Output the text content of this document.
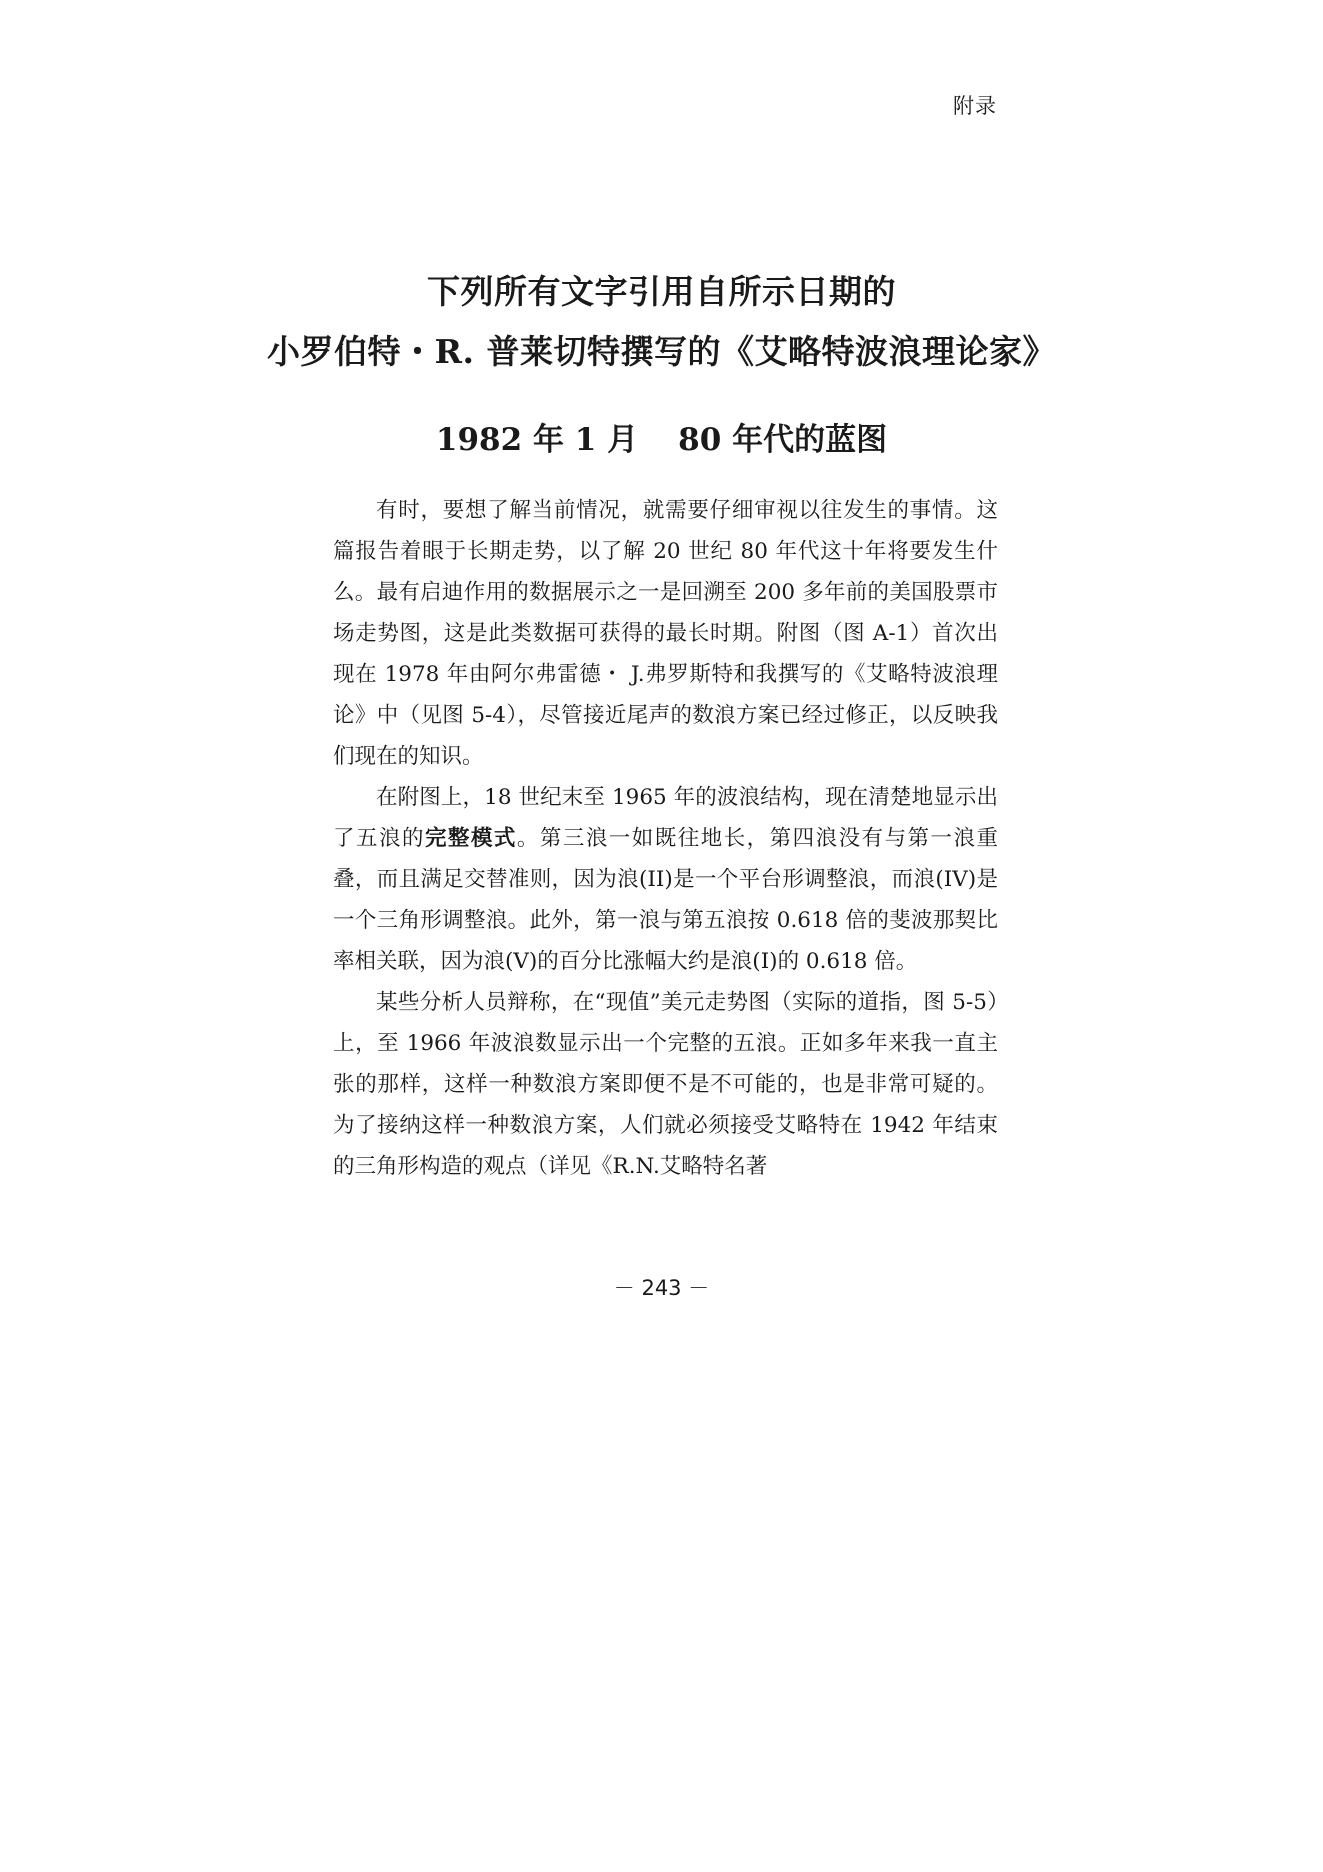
附录
下列所有文字引用自所示日期的
小罗伯特・R. 普莱切特撰写的《艾略特波浪理论家》
1982 年 1 月 80 年代的蓝图

有时，要想了解当前情况，就需要仔细审视以往发生的事情。这篇报告着眼于长期走势，以了解 20 世纪 80 年代这十年将要发生什么。最有启迪作用的数据展示之一是回溯至 200 多年前的美国股票市场走势图，这是此类数据可获得的最长时期。附图（图 A-1）首次出现在 1978 年由阿尔弗雷德・ J.弗罗斯特和我撰写的《艾略特波浪理论》中（见图 5-4），尽管接近尾声的数浪方案已经过修正，以反映我们现在的知识。

在附图上，18 世纪末至 1965 年的波浪结构，现在清楚地显示出了五浪的完整模式。第三浪一如既往地长，第四浪没有与第一浪重叠，而且满足交替准则，因为浪(II)是一个平台形调整浪，而浪(IV)是一个三角形调整浪。此外，第一浪与第五浪按 0.618 倍的斐波那契比率相关联，因为浪(V)的百分比涨幅大约是浪(I)的 0.618 倍。

某些分析人员辩称，在“现值”美元走势图（实际的道指，图 5-5）上，至 1966 年波浪数显示出一个完整的五浪。正如多年来我一直主张的那样，这样一种数浪方案即便不是不可能的，也是非常可疑的。为了接纳这样一种数浪方案，人们就必须接受艾略特在 1942 年结束的三角形构造的观点（详见《R.N.艾略特名著

－ 243 －
